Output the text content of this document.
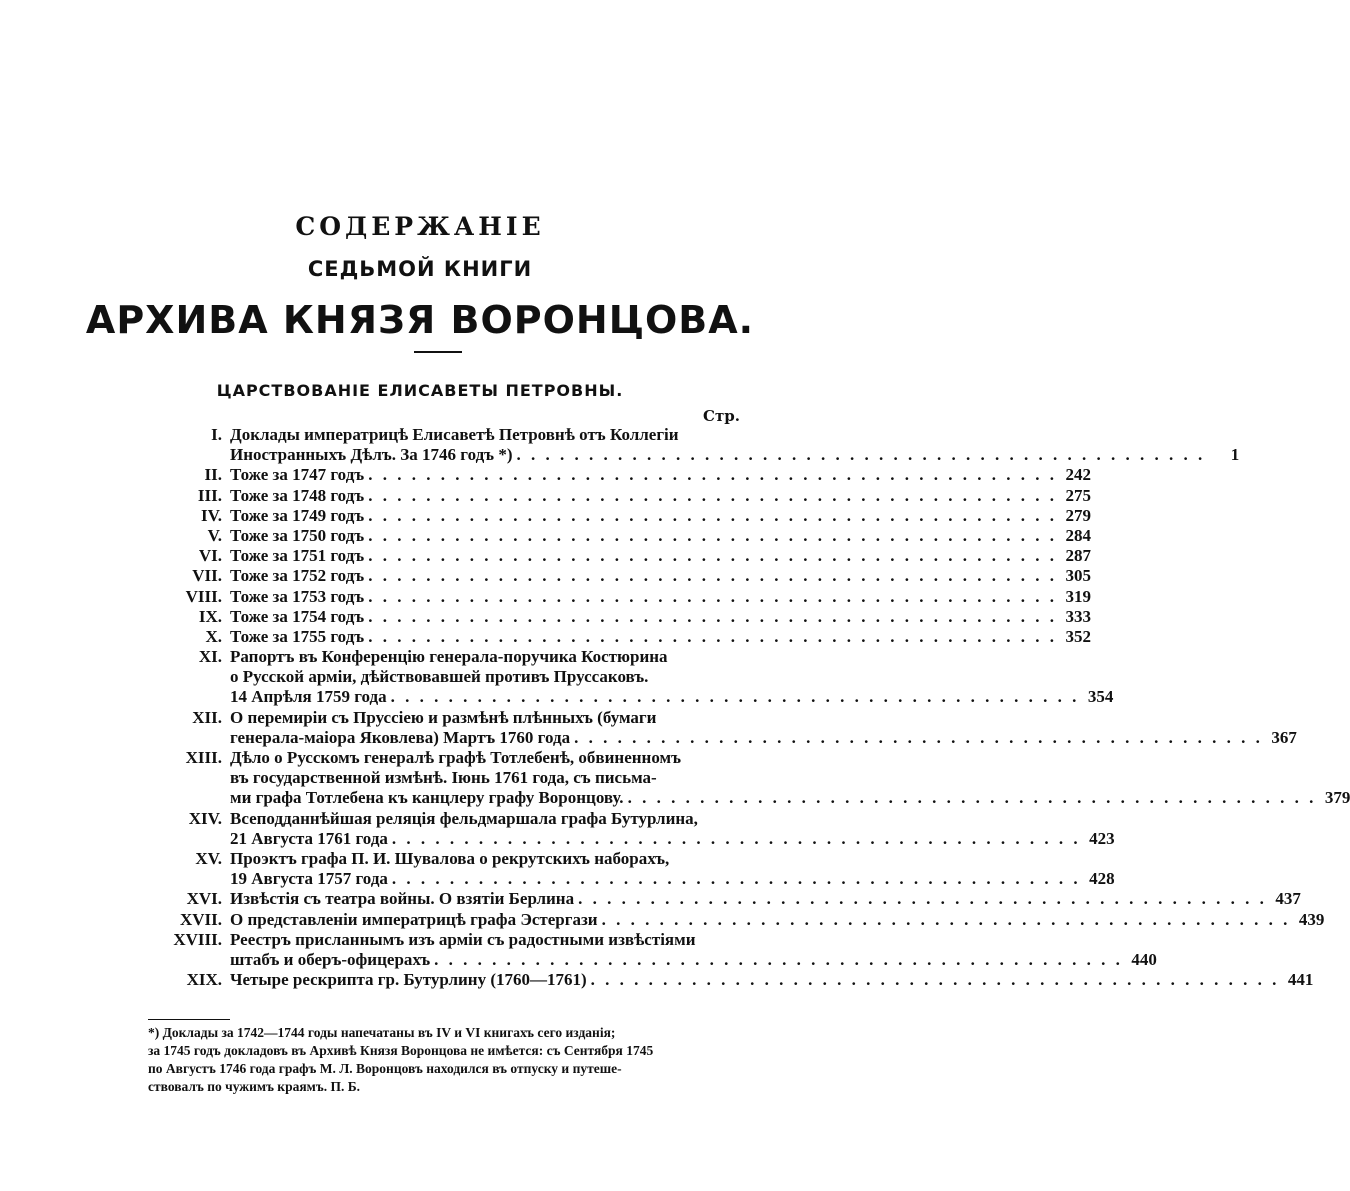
СОДЕРЖАНІЕ
СЕДЬМОЙ КНИГИ
АРХИВА КНЯЗЯ ВОРОНЦОВА.
ЦАРСТВОВАНІЕ ЕЛИСАВЕТЫ ПЕТРОВНЫ.
Стр.
I. Доклады императрицѣ Елисаветѣ Петровнѣ отъ Коллегіи
Иностранныхъ Дѣлъ. За 1746 годъ *) . . . . . . . . . . . . . . . . . . . . . . . . . . . . . . . . . . . . . . . . . . . . . . . .	1
II. Тоже за 1747 годъ . . . . . . . . . . . . . . . . . . . . . . . . . . . . . . . . . . . . . . . . . . . . . . . . 242
III. Тоже за 1748 годъ . . . . . . . . . . . . . . . . . . . . . . . . . . . . . . . . . . . . . . . . . . . . . . . . 275
IV. Тоже за 1749 годъ . . . . . . . . . . . . . . . . . . . . . . . . . . . . . . . . . . . . . . . . . . . . . . . . 279
V. Тоже за 1750 годъ . . . . . . . . . . . . . . . . . . . . . . . . . . . . . . . . . . . . . . . . . . . . . . . . 284
VI. Тоже за 1751 годъ . . . . . . . . . . . . . . . . . . . . . . . . . . . . . . . . . . . . . . . . . . . . . . . . 287
VII. Тоже за 1752 годъ . . . . . . . . . . . . . . . . . . . . . . . . . . . . . . . . . . . . . . . . . . . . . . . . 305
VIII. Тоже за 1753 годъ . . . . . . . . . . . . . . . . . . . . . . . . . . . . . . . . . . . . . . . . . . . . . . . . 319
IX. Тоже за 1754 годъ . . . . . . . . . . . . . . . . . . . . . . . . . . . . . . . . . . . . . . . . . . . . . . . . 333
X. Тоже за 1755 годъ . . . . . . . . . . . . . . . . . . . . . . . . . . . . . . . . . . . . . . . . . . . . . . . . 352
XI. Рапортъ въ Конференцію генерала-поручика Костюрина
о Русской арміи, дѣйствовавшей противъ Пруссаковъ.
14 Апрѣля 1759 года . . . . . . . . . . . . . . . . . . . . . . . . . . . . . . . . . . . . . . . . . . . . . . . . 354
XII. О перемиріи съ Пруссіею и размѣнѣ плѣнныхъ (бумаги
генерала-маіора Яковлева) Мартъ 1760 года . . . . . . . . . . . . . . . . . . . . . . . . . . . . . . . . . . . . . . . . . . . . . . . . 367
XIII. Дѣло о Русскомъ генералѣ графѣ Тотлебенѣ, обвиненномъ
въ государственной измѣнѣ. Іюнь 1761 года, съ письма-
ми графа Тотлебена къ канцлеру графу Воронцову. . . . . . . . . . . . . . . . . . . . . . . . . . . . . . . . . . . . . . . . . . . . . . . . . 379
XIV. Всеподданнѣйшая реляція фельдмаршала графа Бутурлина,
21 Августа 1761 года . . . . . . . . . . . . . . . . . . . . . . . . . . . . . . . . . . . . . . . . . . . . . . . . 423
XV. Проэктъ графа П. И. Шувалова о рекрутскихъ наборахъ,
19 Августа 1757 года . . . . . . . . . . . . . . . . . . . . . . . . . . . . . . . . . . . . . . . . . . . . . . . . 428
XVI. Извѣстія съ театра войны. О взятіи Берлина . . . . . . . . . . . . . . . . . . . . . . . . . . . . . . . . . . . . . . . . . . . . . . . . 437
XVII. О представленіи императрицѣ графа Эстергази . . . . . . . . . . . . . . . . . . . . . . . . . . . . . . . . . . . . . . . . . . . . . . . . 439
XVIII. Реестръ присланнымъ изъ арміи съ радостными извѣстіями
штабъ и оберъ-офицерахъ . . . . . . . . . . . . . . . . . . . . . . . . . . . . . . . . . . . . . . . . . . . . . . . . 440
XIX. Четыре рескрипта гр. Бутурлину (1760—1761) . . . . . . . . . . . . . . . . . . . . . . . . . . . . . . . . . . . . . . . . . . . . . . . . 441
*) Доклады за 1742—1744 годы напечатаны въ IV и VI книгахъ сего изданія;
за 1745 годъ докладовъ въ Архивѣ Князя Воронцова не имѣется: съ Сентября 1745
по Августъ 1746 года графъ М. Л. Воронцовъ находился въ отпуску и путеше-
ствовалъ по чужимъ краямъ. П. Б.
